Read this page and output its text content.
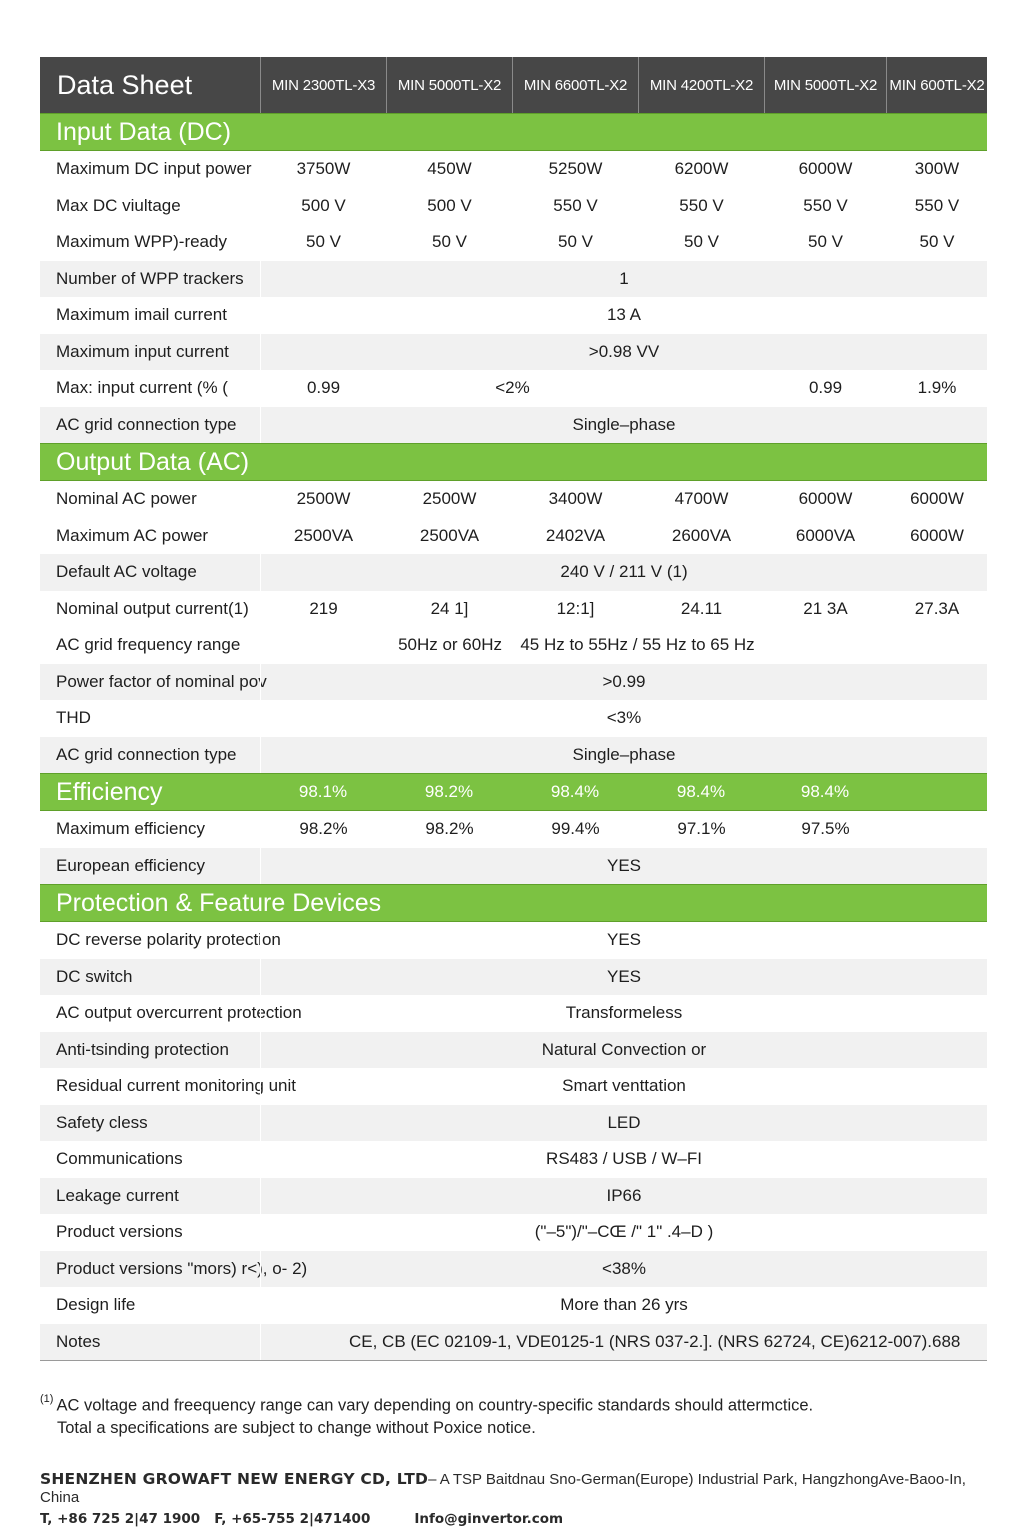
Data Sheet	MIN 2300TL-X3	MIN 5000TL-X2	MIN 6600TL-X2	MIN 4200TL-X2	MIN 5000TL-X2 MIN 600TL-X2
Input Data (DC)
Maximum DC input power	3750W	450W	5250W	6200W	6000W	300W
Max DC viultage	500 V	500 V	550 V	550 V	550 V	550 V
Maximum WPP)-ready	50 V	50 V	50 V	50 V	50 V	50 V
Number of WPP trackers	1
Maximum imail current	13 A
Maximum input current	>0.98 VV
Max: input current (% (	0.99	<2%	0.99	1.9%
AC grid connection type	Single–phase
Output Data (AC)
Nominal AC power	2500W	2500W	3400W	4700W	6000W	6000W
Maximum AC power	2500VA	2500VA	2402VA	2600VA	6000VA	6000W
Default AC voltage	240 V / 211 V (1)
Nominal output current(1)	219	24 1]	12:1]	24.11	21 3A	27.3A
AC grid frequency range	50Hz or 60Hz	45 Hz to 55Hz / 55 Hz to 65 Hz
Power factor of nominal pov	>0.99
THD	<3%
AC grid connection type	Single–phase
Efficiency	98.1%	98.2%	98.4%	98.4%	98.4%
Maximum efficiency	98.2%	98.2%	99.4%	97.1%	97.5%
European efficiency	YES
Protection & Feature Devices
DC reverse polarity protection	YES
DC switch	YES
AC output overcurrent protection	Transformeless
Anti-tsinding protection	Natural Convection or
Residual current monitoring unit	Smart venttation
Safety cless	LED
Communications	RS483 / USB / W–FI
Leakage current	IP66
Product versions	("–5")/"–CŒ /" 1" .4–D )
Product versions "mors) r<), o- 2)	<38%
Design life	More than 26 yrs
Notes	CE, CB (EC 02109-1, VDE0125-1 (NRS 037-2.]. (NRS 62724, CE)6212-007).688
$^{(1)}$ AC voltage and freequency range can vary depending on country-specific standards should attermctice.
Total a specifications are subject to change without Poxice notice.
SHENZHEN GROWAFT NEW ENERGY CD, LTD– A TSP Baitdnau Sno-German(Europe) Industrial Park, HangzhongAve-Baoo-In, China
T, +86 725 2|47 1900 F, +65-755 2|471400	Info@ginvertor.com
